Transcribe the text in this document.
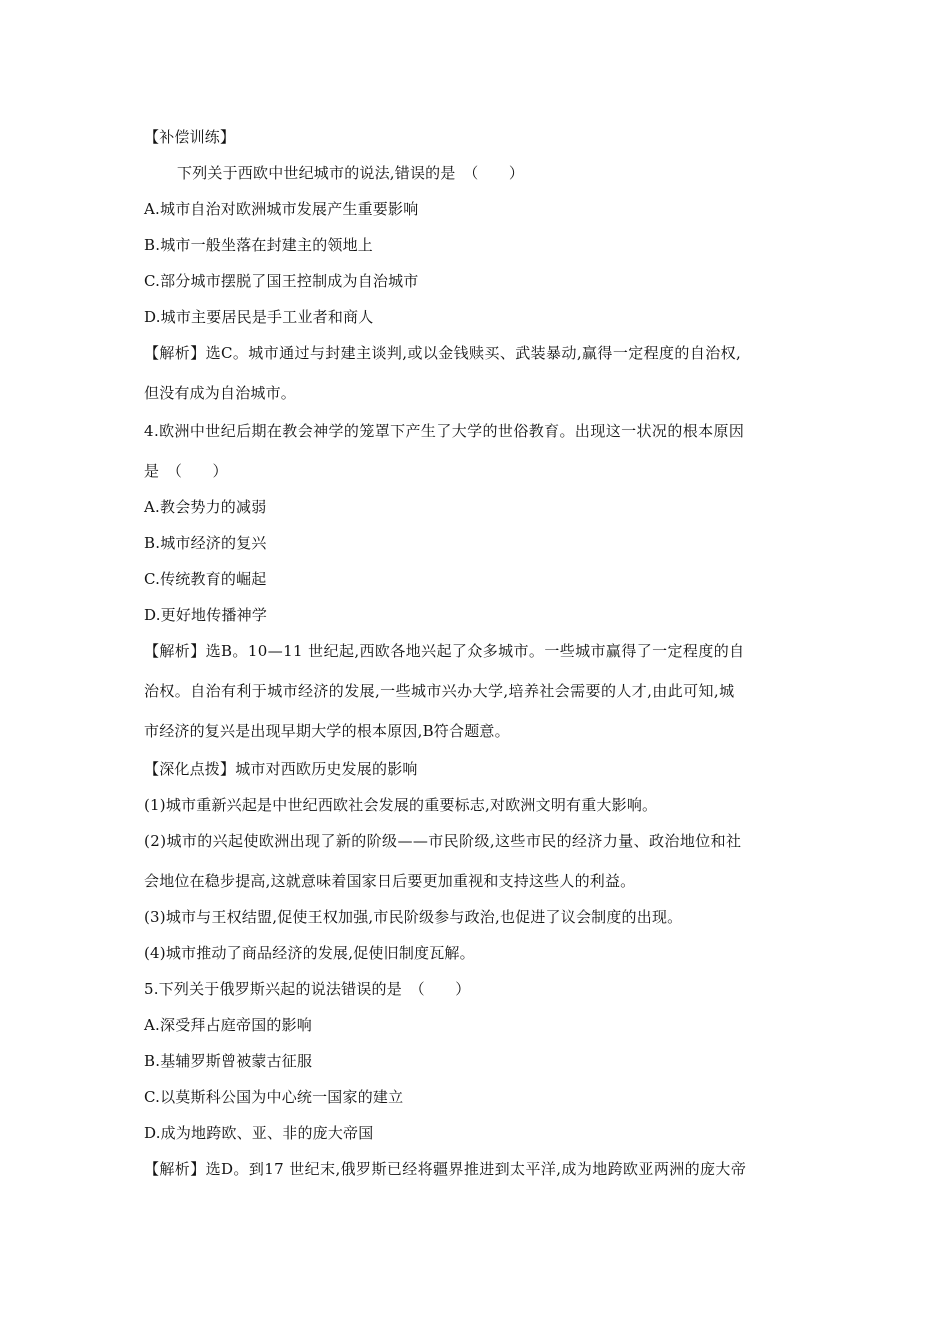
【补偿训练】
下列关于西欧中世纪城市的说法,错误的是　（　　）
A.城市自治对欧洲城市发展产生重要影响
B.城市一般坐落在封建主的领地上
C.部分城市摆脱了国王控制成为自治城市
D.城市主要居民是手工业者和商人
【解析】选C。城市通过与封建主谈判,或以金钱赎买、武装暴动,赢得一定程度的自治权,
但没有成为自治城市。
4.欧洲中世纪后期在教会神学的笼罩下产生了大学的世俗教育。出现这一状况的根本原因
是　（　　）
A.教会势力的减弱
B.城市经济的复兴
C.传统教育的崛起
D.更好地传播神学
【解析】选B。10—11 世纪起,西欧各地兴起了众多城市。一些城市赢得了一定程度的自
治权。自治有利于城市经济的发展,一些城市兴办大学,培养社会需要的人才,由此可知,城
市经济的复兴是出现早期大学的根本原因,B符合题意。
【深化点拨】城市对西欧历史发展的影响
(1)城市重新兴起是中世纪西欧社会发展的重要标志,对欧洲文明有重大影响。
(2)城市的兴起使欧洲出现了新的阶级——市民阶级,这些市民的经济力量、政治地位和社
会地位在稳步提高,这就意味着国家日后要更加重视和支持这些人的利益。
(3)城市与王权结盟,促使王权加强,市民阶级参与政治,也促进了议会制度的出现。
(4)城市推动了商品经济的发展,促使旧制度瓦解。
5.下列关于俄罗斯兴起的说法错误的是　（　　）
A.深受拜占庭帝国的影响
B.基辅罗斯曾被蒙古征服
C.以莫斯科公国为中心统一国家的建立
D.成为地跨欧、亚、非的庞大帝国
【解析】选D。到17 世纪末,俄罗斯已经将疆界推进到太平洋,成为地跨欧亚两洲的庞大帝
